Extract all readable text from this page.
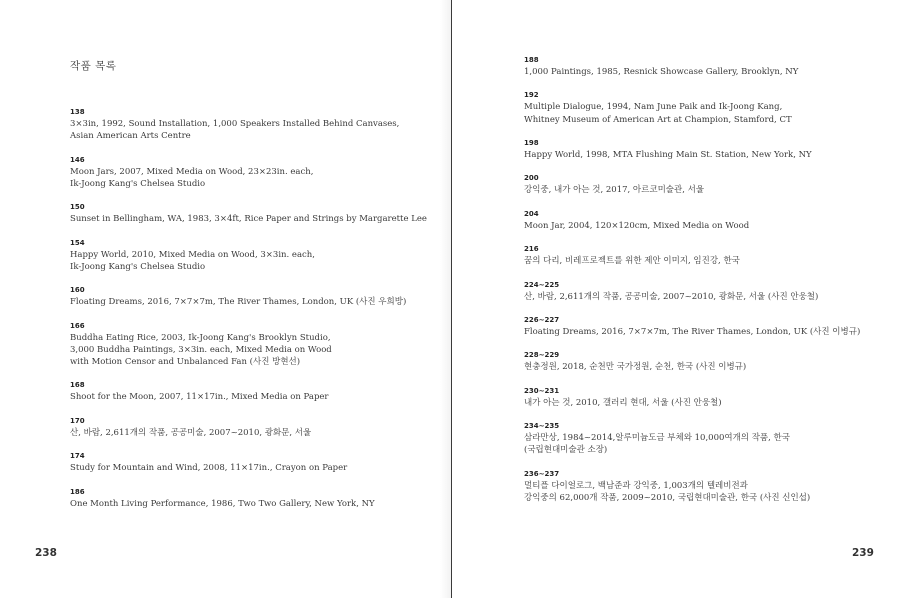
작품 목록
138
3×3in, 1992, Sound Installation, 1,000 Speakers Installed Behind Canvases,
Asian American Arts Centre
146
Moon Jars, 2007, Mixed Media on Wood, 23×23in. each,
Ik-Joong Kang's Chelsea Studio
150
Sunset in Bellingham, WA, 1983, 3×4ft, Rice Paper and Strings by Margarette Lee
154
Happy World, 2010, Mixed Media on Wood, 3×3in. each,
Ik-Joong Kang's Chelsea Studio
160
Floating Dreams, 2016, 7×7×7m, The River Thames, London, UK (사진 우희방)
166
Buddha Eating Rice, 2003, Ik-Joong Kang's Brooklyn Studio,
3,000 Buddha Paintings, 3×3in. each, Mixed Media on Wood
with Motion Censor and Unbalanced Fan (사진 방현선)
168
Shoot for the Moon, 2007, 11×17in., Mixed Media on Paper
170
산, 바람, 2,611개의 작품, 공공미술, 2007~2010, 광화문, 서울
174
Study for Mountain and Wind, 2008, 11×17in., Crayon on Paper
186
One Month Living Performance, 1986, Two Two Gallery, New York, NY
238
188
1,000 Paintings, 1985, Resnick Showcase Gallery, Brooklyn, NY
192
Multiple Dialogue, 1994, Nam June Paik and Ik-Joong Kang,
Whitney Museum of American Art at Champion, Stamford, CT
198
Happy World, 1998, MTA Flushing Main St. Station, New York, NY
200
강익중, 내가 아는 것, 2017, 아르코미술관, 서울
204
Moon Jar, 2004, 120×120cm, Mixed Media on Wood
216
꿈의 다리, 비레프로젝트를 위한 제안 이미지, 임진강, 한국
224~225
산, 바람, 2,611개의 작품, 공공미술, 2007~2010, 광화문, 서울 (사진 안웅철)
226~227
Floating Dreams, 2016, 7×7×7m, The River Thames, London, UK (사진 이병규)
228~229
현충정원, 2018, 순천만 국가정원, 순천, 한국 (사진 이병규)
230~231
내가 아는 것, 2010, 갤러리 현대, 서울 (사진 안웅철)
234~235
삼라만상, 1984~2014,알루미늄도금 부체와 10,000여개의 작품, 한국
(국립현대미술관 소장)
236~237
멀티플 다이얼로그, 백남준과 강익중, 1,003개의 텔레비전과
강익중의 62,000개 작품, 2009~2010, 국립현대미술관, 한국 (사진 신인섭)
239
